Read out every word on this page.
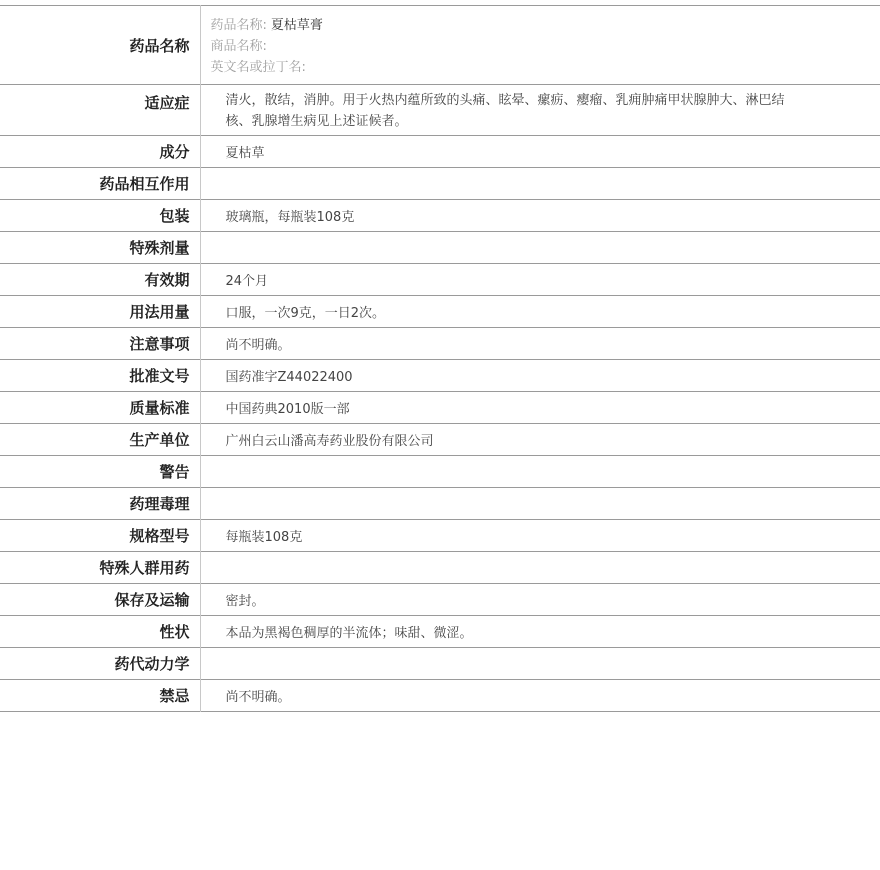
药品名称	药品名称: 夏枯草膏
商品名称:
英文名或拉丁名:

适应症	清火，散结，消肿。用于火热内蕴所致的头痛、眩晕、瘰疬、瘿瘤、乳痈肿痛甲状腺肿大、淋巴结核、乳腺增生病见上述证候者。
成分	夏枯草
药品相互作用	
包装	玻璃瓶，每瓶装108克
特殊剂量	
有效期	24个月
用法用量	口服，一次9克，一日2次。
注意事项	尚不明确。
批准文号	国药准字Z44022400
质量标准	中国药典2010版一部
生产单位	广州白云山潘高寿药业股份有限公司
警告	
药理毒理	
规格型号	每瓶装108克
特殊人群用药	
保存及运输	密封。
性状	本品为黑褐色稠厚的半流体；味甜、微涩。
药代动力学	
禁忌	尚不明确。
